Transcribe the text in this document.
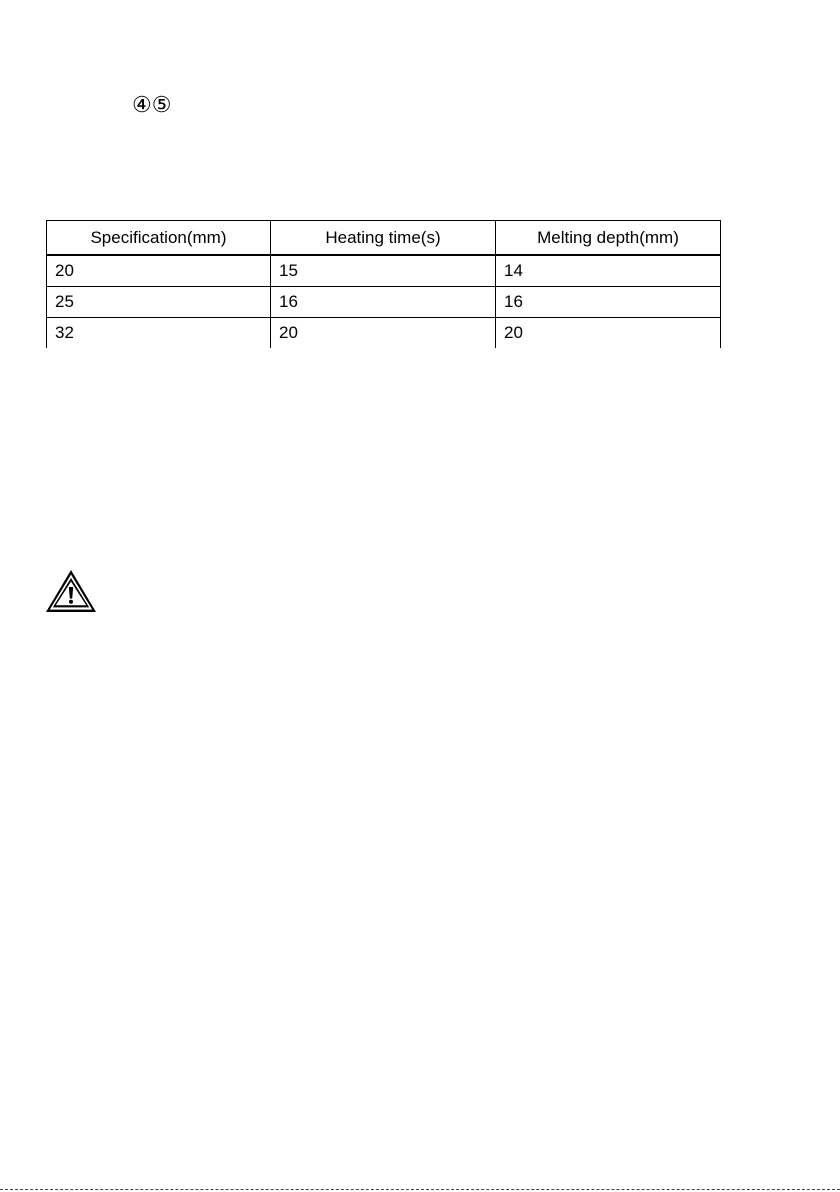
④⑤
Specification(mm)	Heating time(s)	Melting depth(mm)
20	15	14
25	16	16
32	20	20
